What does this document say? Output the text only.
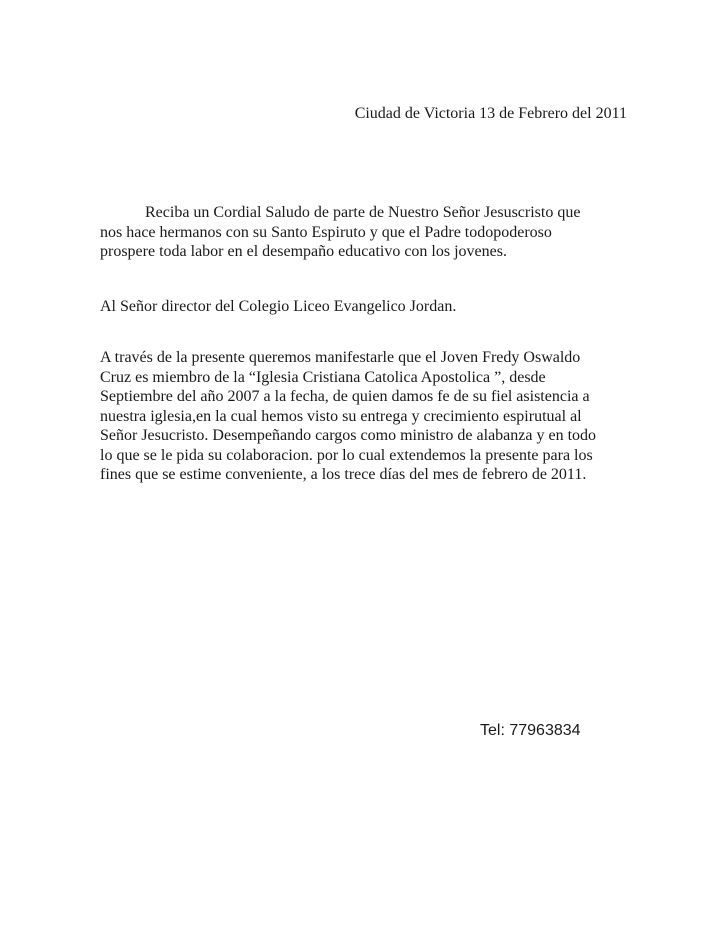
Ciudad de Victoria 13 de Febrero del 2011
Reciba un Cordial Saludo de parte de Nuestro Señor Jesuscristo que
nos hace hermanos con su Santo Espiruto y que el Padre todopoderoso
prospere toda labor en el desempaño educativo con los jovenes.
Al Señor director del Colegio Liceo Evangelico Jordan.
A través de la presente queremos manifestarle que el Joven Fredy Oswaldo
Cruz es miembro de la “Iglesia Cristiana Catolica Apostolica ”, desde
Septiembre del año 2007 a la fecha, de quien damos fe de su fiel asistencia a
nuestra iglesia,en la cual hemos visto su entrega y crecimiento espirutual al
Señor Jesucristo. Desempeñando cargos como ministro de alabanza y en todo
lo que se le pida su colaboracion. por lo cual extendemos la presente para los
fines que se estime conveniente, a los trece días del mes de febrero de 2011.
Tel: 77963834
